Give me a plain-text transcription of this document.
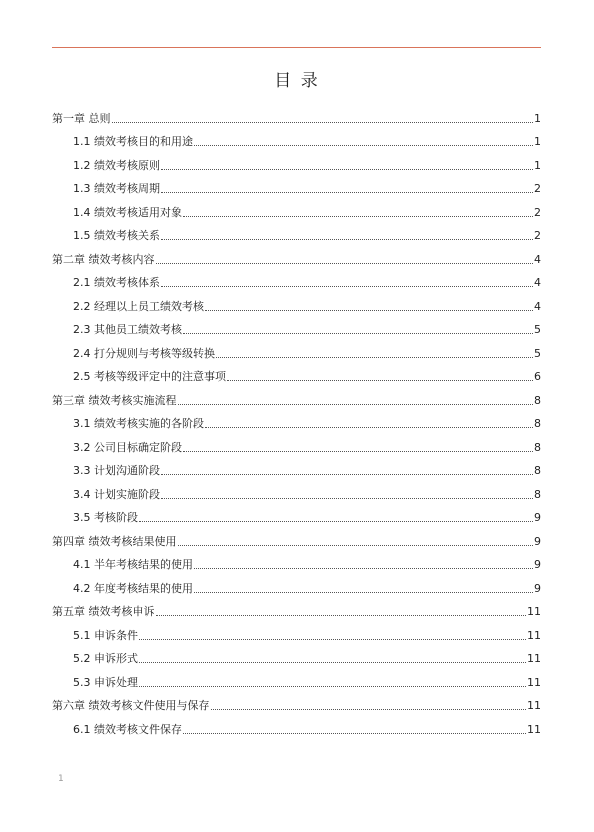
目 录
第一章 总则	1
1.1 绩效考核目的和用途	1
1.2 绩效考核原则	1
1.3 绩效考核周期	2
1.4 绩效考核适用对象	2
1.5 绩效考核关系	2
第二章 绩效考核内容	4
2.1 绩效考核体系	4
2.2 经理以上员工绩效考核	4
2.3 其他员工绩效考核	5
2.4 打分规则与考核等级转换	5
2.5 考核等级评定中的注意事项	6
第三章 绩效考核实施流程	8
3.1 绩效考核实施的各阶段	8
3.2 公司目标确定阶段	8
3.3 计划沟通阶段	8
3.4 计划实施阶段	8
3.5 考核阶段	9
第四章 绩效考核结果使用	9
4.1 半年考核结果的使用	9
4.2 年度考核结果的使用	9
第五章 绩效考核申诉	11
5.1 申诉条件	11
5.2 申诉形式	11
5.3 申诉处理	11
第六章 绩效考核文件使用与保存	11
6.1 绩效考核文件保存	11
1
